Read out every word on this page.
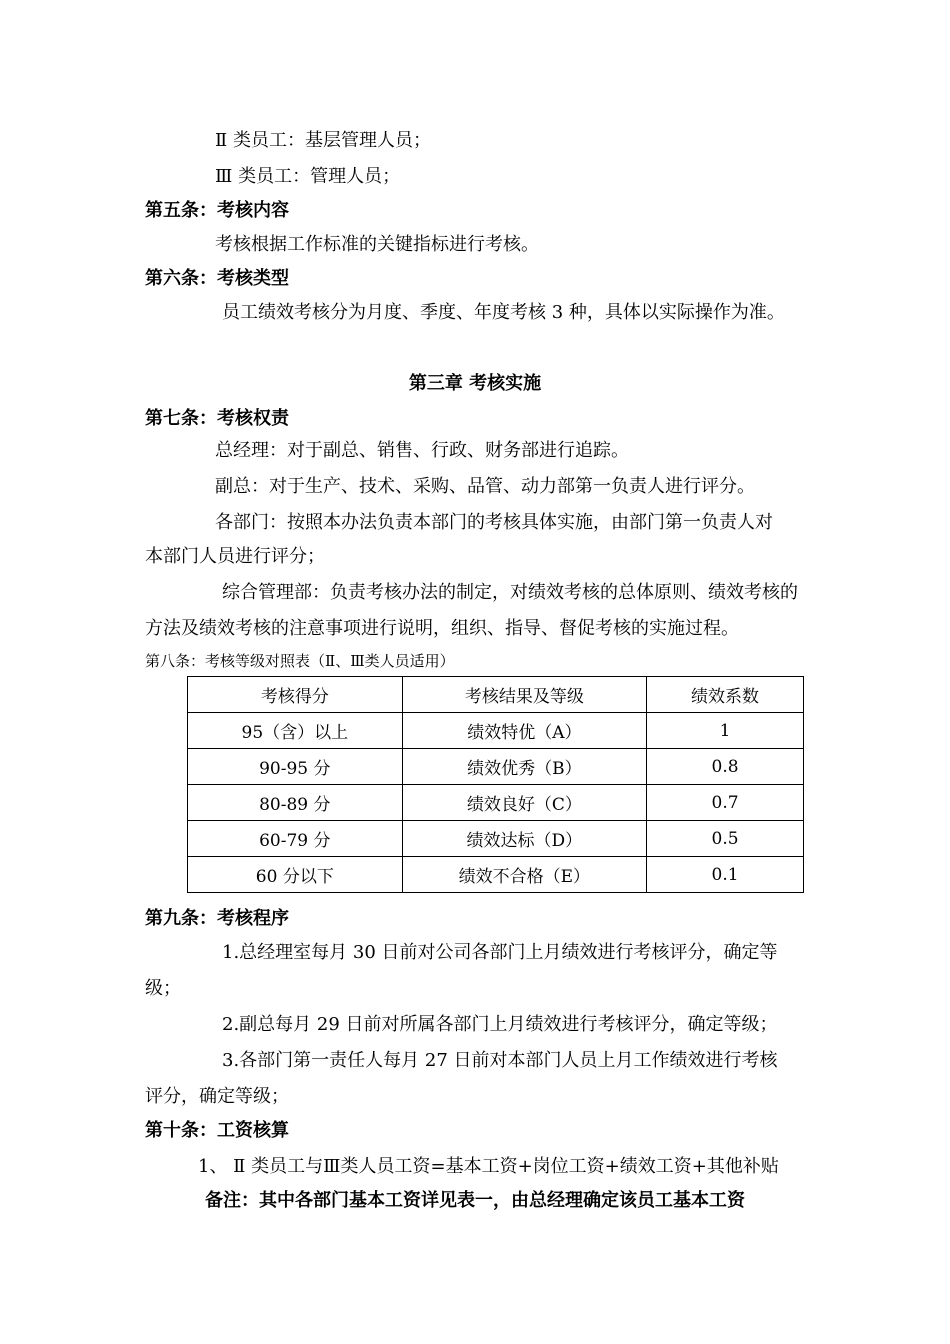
Ⅱ 类员工：基层管理人员；
Ⅲ 类员工：管理人员；
第五条：考核内容
考核根据工作标准的关键指标进行考核。
第六条：考核类型
员工绩效考核分为月度、季度、年度考核 3 种，具体以实际操作为准。
第三章 考核实施
第七条：考核权责
总经理：对于副总、销售、行政、财务部进行追踪。
副总：对于生产、技术、采购、品管、动力部第一负责人进行评分。
各部门：按照本办法负责本部门的考核具体实施，由部门第一负责人对
本部门人员进行评分；
综合管理部：负责考核办法的制定，对绩效考核的总体原则、绩效考核的
方法及绩效考核的注意事项进行说明，组织、指导、督促考核的实施过程。
第八条：考核等级对照表（Ⅱ、Ⅲ类人员适用）
考核得分	考核结果及等级	绩效系数
95（含）以上	绩效特优（A）	1
90-95 分	绩效优秀（B）	0.8
80-89 分	绩效良好（C）	0.7
60-79 分	绩效达标（D）	0.5
60 分以下	绩效不合格（E）	0.1
第九条：考核程序
1.总经理室每月 30 日前对公司各部门上月绩效进行考核评分，确定等
级；
2.副总每月 29 日前对所属各部门上月绩效进行考核评分，确定等级；
3.各部门第一责任人每月 27 日前对本部门人员上月工作绩效进行考核
评分，确定等级；
第十条：工资核算
1、 Ⅱ 类员工与Ⅲ类人员工资=基本工资+岗位工资+绩效工资+其他补贴
备注：其中各部门基本工资详见表一，由总经理确定该员工基本工资
